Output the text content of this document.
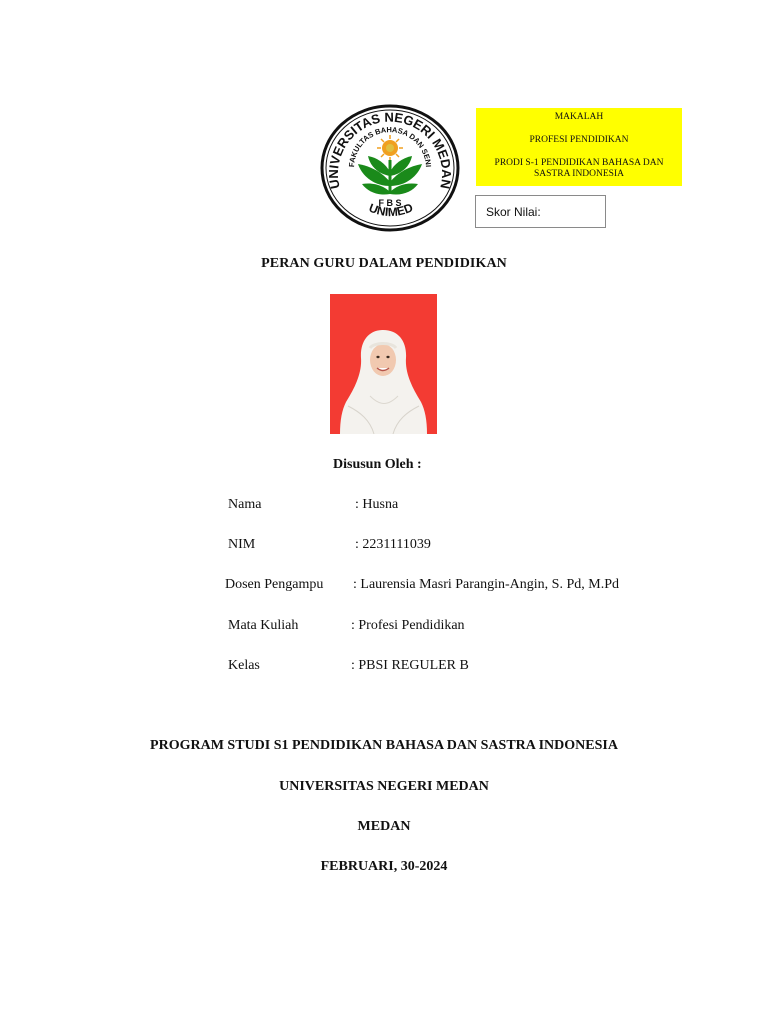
UNIVERSITAS NEGERI MEDAN
FAKULTAS BAHASA DAN SENI
F B S
UNIMED
MAKALAH
PROFESI PENDIDIKAN
PRODI S-1 PENDIDIKAN BAHASA DAN
SASTRA INDONESIA
Skor Nilai:
PERAN GURU DALAM PENDIDIKAN
Disusun Oleh :
Nama	: Husna
NIM	: 2231111039
Dosen Pengampu : Laurensia Masri Parangin-Angin, S. Pd, M.Pd
Mata Kuliah	: Profesi Pendidikan
Kelas	: PBSI REGULER B
PROGRAM STUDI S1 PENDIDIKAN BAHASA DAN SASTRA INDONESIA
UNIVERSITAS NEGERI MEDAN
MEDAN
FEBRUARI, 30-2024
